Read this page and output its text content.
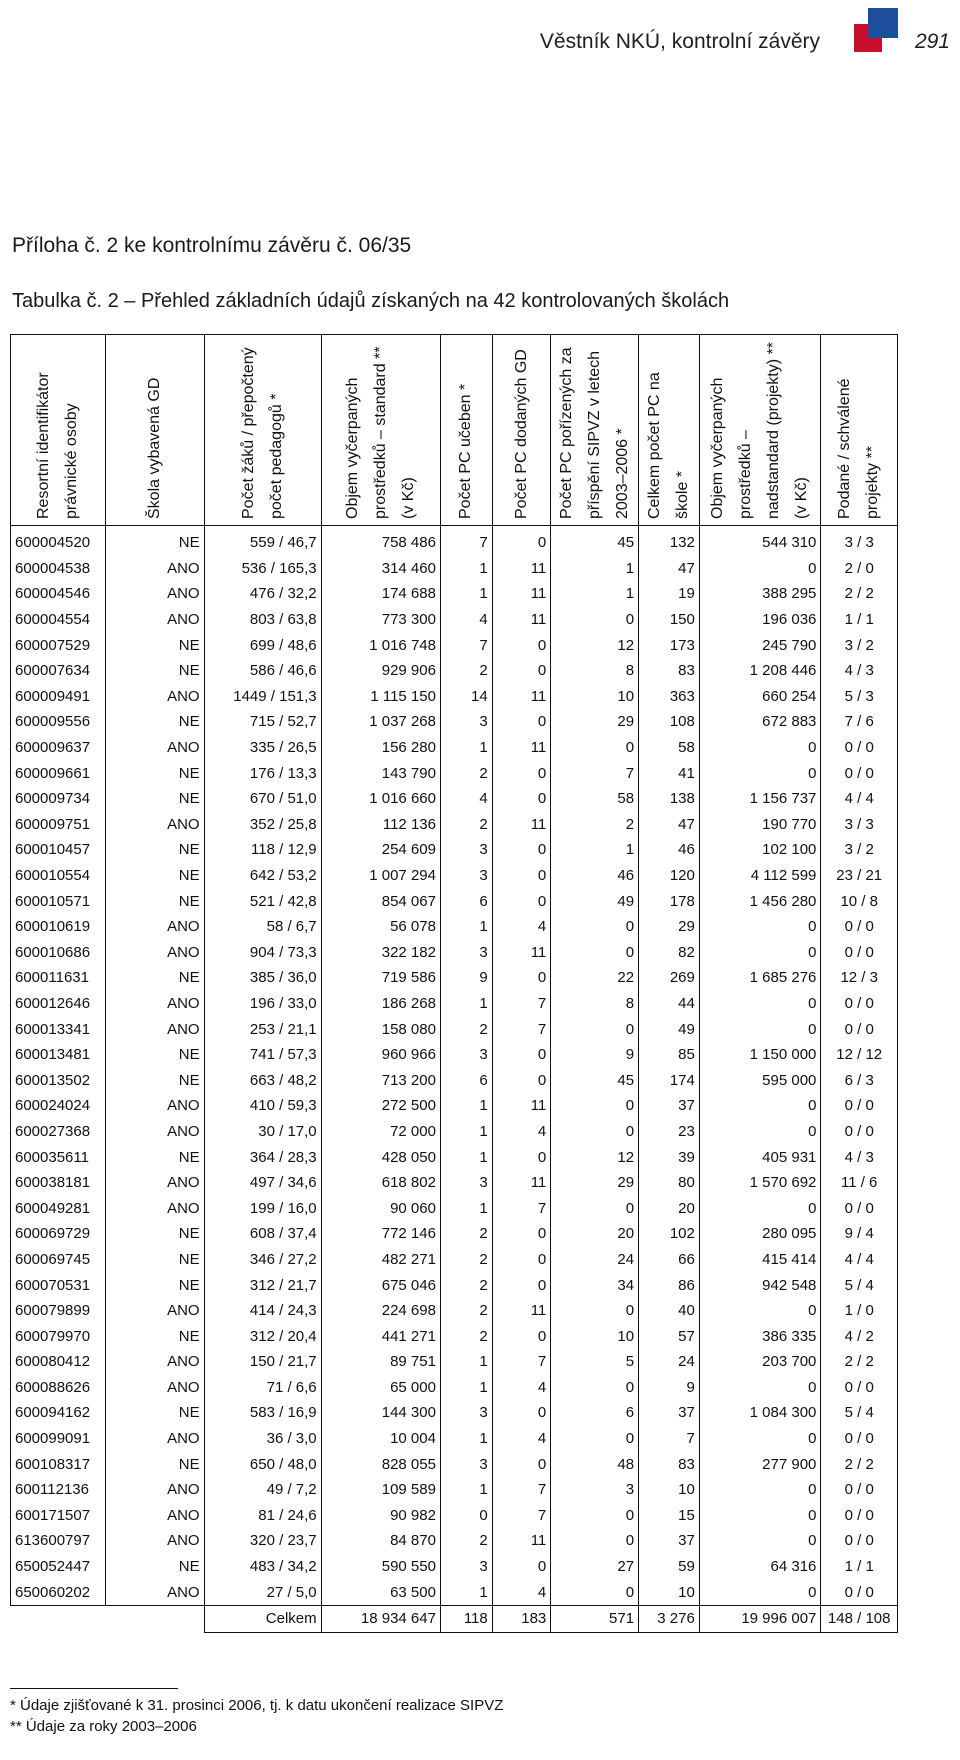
Věstník NKÚ, kontrolní závěry	291
Příloha č. 2 ke kontrolnímu závěru č. 06/35
Tabulka č. 2 – Přehled základních údajů získaných na 42 kontrolovaných školách
Resortní identifikátor právnické osoby	Škola vybavená GD	Počet žáků / přepočtený počet pedagogů *	Objem vyčerpaných prostředků – standard ** (v Kč)	Počet PC učeben *	Počet PC dodaných GD	Počet PC pořízených za příspění SIPVZ v letech 2003–2006 *	Celkem počet PC na škole *	Objem vyčerpaných prostředků – nadstandard (projekty) ** (v Kč)	Podané / schválené projekty **

600004520	NE	559 / 46,7	758 486	7	0	45	132	544 310	3 / 3
600004538	ANO	536 / 165,3	314 460	1	11	1	47	0	2 / 0
600004546	ANO	476 / 32,2	174 688	1	11	1	19	388 295	2 / 2
600004554	ANO	803 / 63,8	773 300	4	11	0	150	196 036	1 / 1
600007529	NE	699 / 48,6	1 016 748	7	0	12	173	245 790	3 / 2
600007634	NE	586 / 46,6	929 906	2	0	8	83	1 208 446	4 / 3
600009491	ANO	1449 / 151,3	1 115 150	14	11	10	363	660 254	5 / 3
600009556	NE	715 / 52,7	1 037 268	3	0	29	108	672 883	7 / 6
600009637	ANO	335 / 26,5	156 280	1	11	0	58	0	0 / 0
600009661	NE	176 / 13,3	143 790	2	0	7	41	0	0 / 0
600009734	NE	670 / 51,0	1 016 660	4	0	58	138	1 156 737	4 / 4
600009751	ANO	352 / 25,8	112 136	2	11	2	47	190 770	3 / 3
600010457	NE	118 / 12,9	254 609	3	0	1	46	102 100	3 / 2
600010554	NE	642 / 53,2	1 007 294	3	0	46	120	4 112 599	23 / 21
600010571	NE	521 / 42,8	854 067	6	0	49	178	1 456 280	10 / 8
600010619	ANO	58 / 6,7	56 078	1	4	0	29	0	0 / 0
600010686	ANO	904 / 73,3	322 182	3	11	0	82	0	0 / 0
600011631	NE	385 / 36,0	719 586	9	0	22	269	1 685 276	12 / 3
600012646	ANO	196 / 33,0	186 268	1	7	8	44	0	0 / 0
600013341	ANO	253 / 21,1	158 080	2	7	0	49	0	0 / 0
600013481	NE	741 / 57,3	960 966	3	0	9	85	1 150 000	12 / 12
600013502	NE	663 / 48,2	713 200	6	0	45	174	595 000	6 / 3
600024024	ANO	410 / 59,3	272 500	1	11	0	37	0	0 / 0
600027368	ANO	30 / 17,0	72 000	1	4	0	23	0	0 / 0
600035611	NE	364 / 28,3	428 050	1	0	12	39	405 931	4 / 3
600038181	ANO	497 / 34,6	618 802	3	11	29	80	1 570 692	11 / 6
600049281	ANO	199 / 16,0	90 060	1	7	0	20	0	0 / 0
600069729	NE	608 / 37,4	772 146	2	0	20	102	280 095	9 / 4
600069745	NE	346 / 27,2	482 271	2	0	24	66	415 414	4 / 4
600070531	NE	312 / 21,7	675 046	2	0	34	86	942 548	5 / 4
600079899	ANO	414 / 24,3	224 698	2	11	0	40	0	1 / 0
600079970	NE	312 / 20,4	441 271	2	0	10	57	386 335	4 / 2
600080412	ANO	150 / 21,7	89 751	1	7	5	24	203 700	2 / 2
600088626	ANO	71 / 6,6	65 000	1	4	0	9	0	0 / 0
600094162	NE	583 / 16,9	144 300	3	0	6	37	1 084 300	5 / 4
600099091	ANO	36 / 3,0	10 004	1	4	0	7	0	0 / 0
600108317	NE	650 / 48,0	828 055	3	0	48	83	277 900	2 / 2
600112136	ANO	49 / 7,2	109 589	1	7	3	10	0	0 / 0
600171507	ANO	81 / 24,6	90 982	0	7	0	15	0	0 / 0
613600797	ANO	320 / 23,7	84 870	2	11	0	37	0	0 / 0
650052447	NE	483 / 34,2	590 550	3	0	27	59	64 316	1 / 1
650060202	ANO	27 / 5,0	63 500	1	4	0	10	0	0 / 0
		Celkem	18 934 647	118	183	571	3 276	19 996 007	148 / 108
* Údaje zjišťované k 31. prosinci 2006, tj. k datu ukončení realizace SIPVZ
** Údaje za roky 2003–2006
